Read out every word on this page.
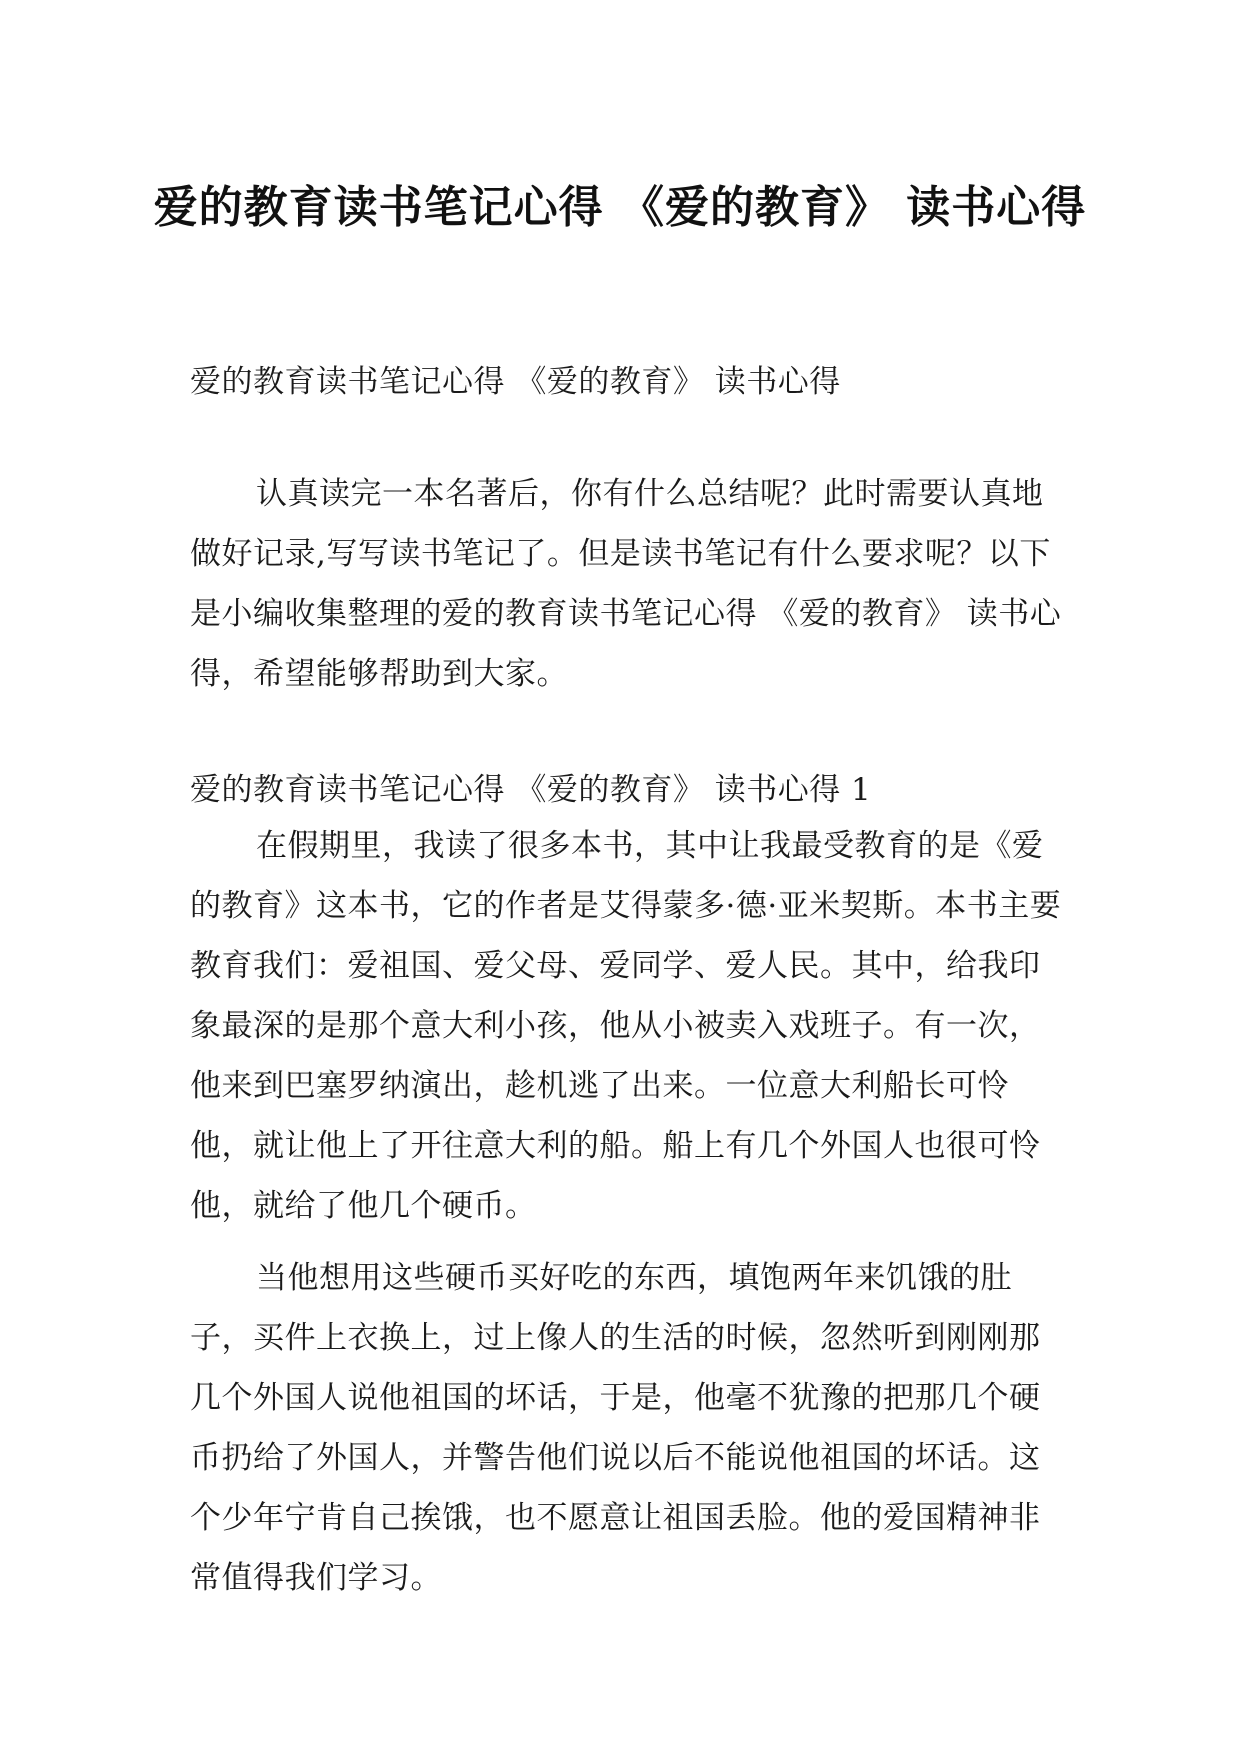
爱的教育读书笔记心得 《爱的教育》 读书心得

爱的教育读书笔记心得 《爱的教育》 读书心得

认真读完一本名著后，你有什么总结呢？此时需要认真地做好记录,写写读书笔记了。但是读书笔记有什么要求呢？以下是小编收集整理的爱的教育读书笔记心得 《爱的教育》 读书心得，希望能够帮助到大家。

爱的教育读书笔记心得 《爱的教育》 读书心得 1

在假期里，我读了很多本书，其中让我最受教育的是《爱的教育》这本书，它的作者是艾得蒙多·德·亚米契斯。本书主要教育我们：爱祖国、爱父母、爱同学、爱人民。其中，给我印象最深的是那个意大利小孩，他从小被卖入戏班子。有一次，他来到巴塞罗纳演出，趁机逃了出来。一位意大利船长可怜他，就让他上了开往意大利的船。船上有几个外国人也很可怜他，就给了他几个硬币。

当他想用这些硬币买好吃的东西，填饱两年来饥饿的肚子，买件上衣换上，过上像人的生活的时候，忽然听到刚刚那几个外国人说他祖国的坏话，于是，他毫不犹豫的把那几个硬币扔给了外国人，并警告他们说以后不能说他祖国的坏话。这个少年宁肯自己挨饿，也不愿意让祖国丢脸。他的爱国精神非常值得我们学习。
